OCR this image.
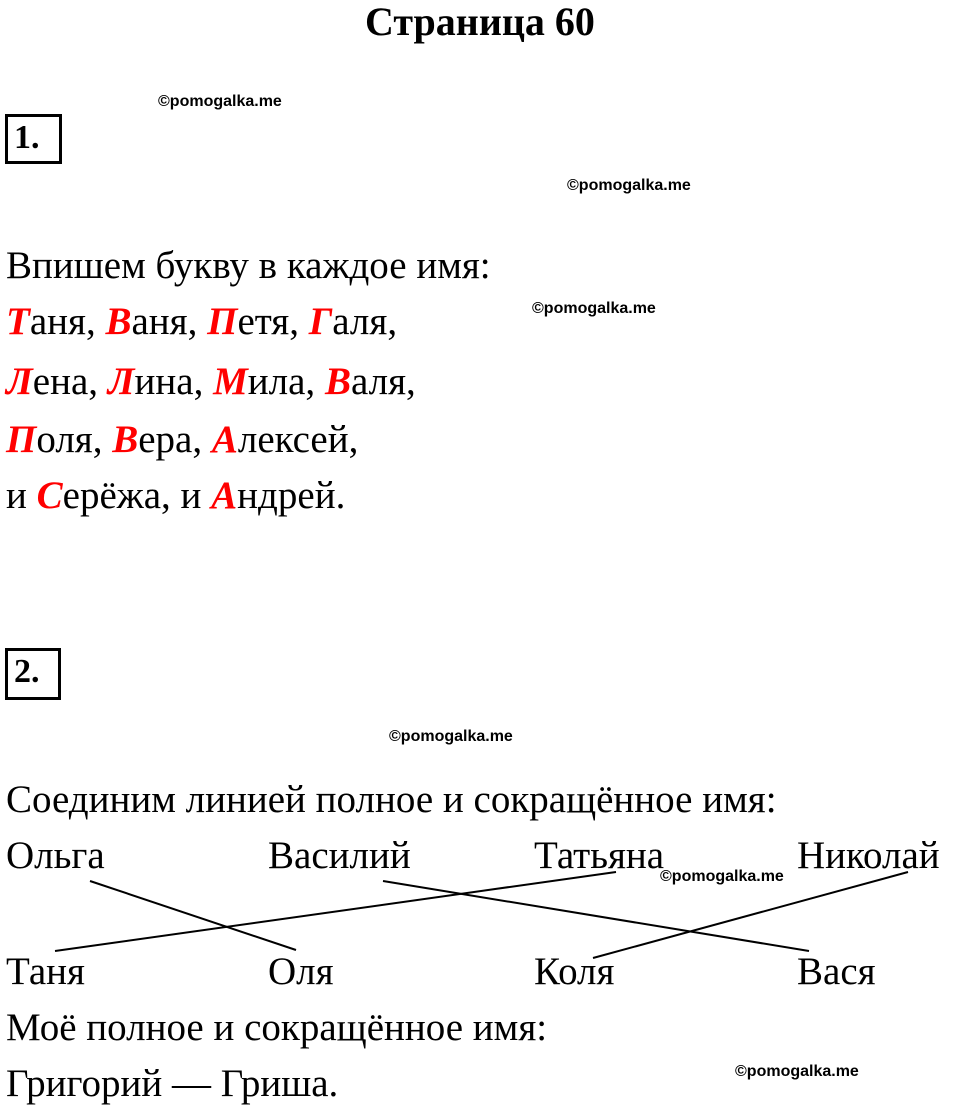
Страница 60
©pomogalka.me
©pomogalka.me
©pomogalka.me
©pomogalka.me
©pomogalka.me
©pomogalka.me
1.
Впишем букву в каждое имя:
Таня, Ваня, Петя, Галя,
Лена, Лина, Мила, Валя,
Поля, Вера, Алексей,
и Серёжа, и Андрей.
2.
Соединим линией полное и сокращённое имя:
Ольга	Василий	Татьяна	Николай
Таня	Оля	Коля	Вася
Моё полное и сокращённое имя:
Григорий — Гриша.
